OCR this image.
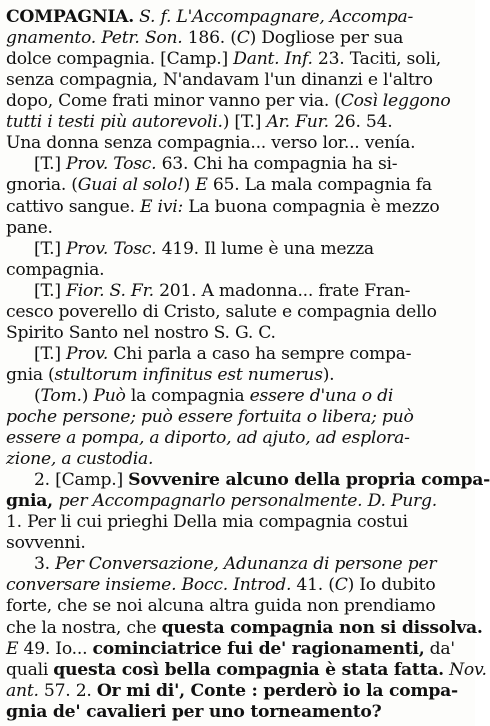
COMPAGNIA. S. f. L'Accompagnare, Accompa-
gnamento. Petr. Son. 186. (C) Dogliose per sua
dolce compagnia. [Camp.] Dant. Inf. 23. Taciti, soli,
senza compagnia, N'andavam l'un dinanzi e l'altro
dopo, Come frati minor vanno per via. (Così leggono
tutti i testi più autorevoli.) [T.] Ar. Fur. 26. 54.
Una donna senza compagnia... verso lor... venía.
[T.] Prov. Tosc. 63. Chi ha compagnia ha si-
gnoria. (Guai al solo!) E 65. La mala compagnia fa
cattivo sangue. E ivi: La buona compagnia è mezzo
pane.
[T.] Prov. Tosc. 419. Il lume è una mezza
compagnia.
[T.] Fior. S. Fr. 201. A madonna... frate Fran-
cesco poverello di Cristo, salute e compagnia dello
Spirito Santo nel nostro S. G. C.
[T.] Prov. Chi parla a caso ha sempre compa-
gnia (stultorum infinitus est numerus).
(Tom.) Può la compagnia essere d'una o di
poche persone; può essere fortuita o libera; può
essere a pompa, a diporto, ad ajuto, ad esplora-
zione, a custodia.
2. [Camp.] Sovvenire alcuno della propria compa-
gnia, per Accompagnarlo personalmente. D. Purg.
1. Per li cui prieghi Della mia compagnia costui
sovvenni.
3. Per Conversazione, Adunanza di persone per
conversare insieme. Bocc. Introd. 41. (C) Io dubito
forte, che se noi alcuna altra guida non prendiamo
che la nostra, che questa compagnia non si dissolva.
E 49. Io... cominciatrice fui de' ragionamenti, da'
quali questa così bella compagnia è stata fatta. Nov.
ant. 57. 2. Or mi di', Conte : perderò io la compa-
gnia de' cavalieri per uno torneamento?
